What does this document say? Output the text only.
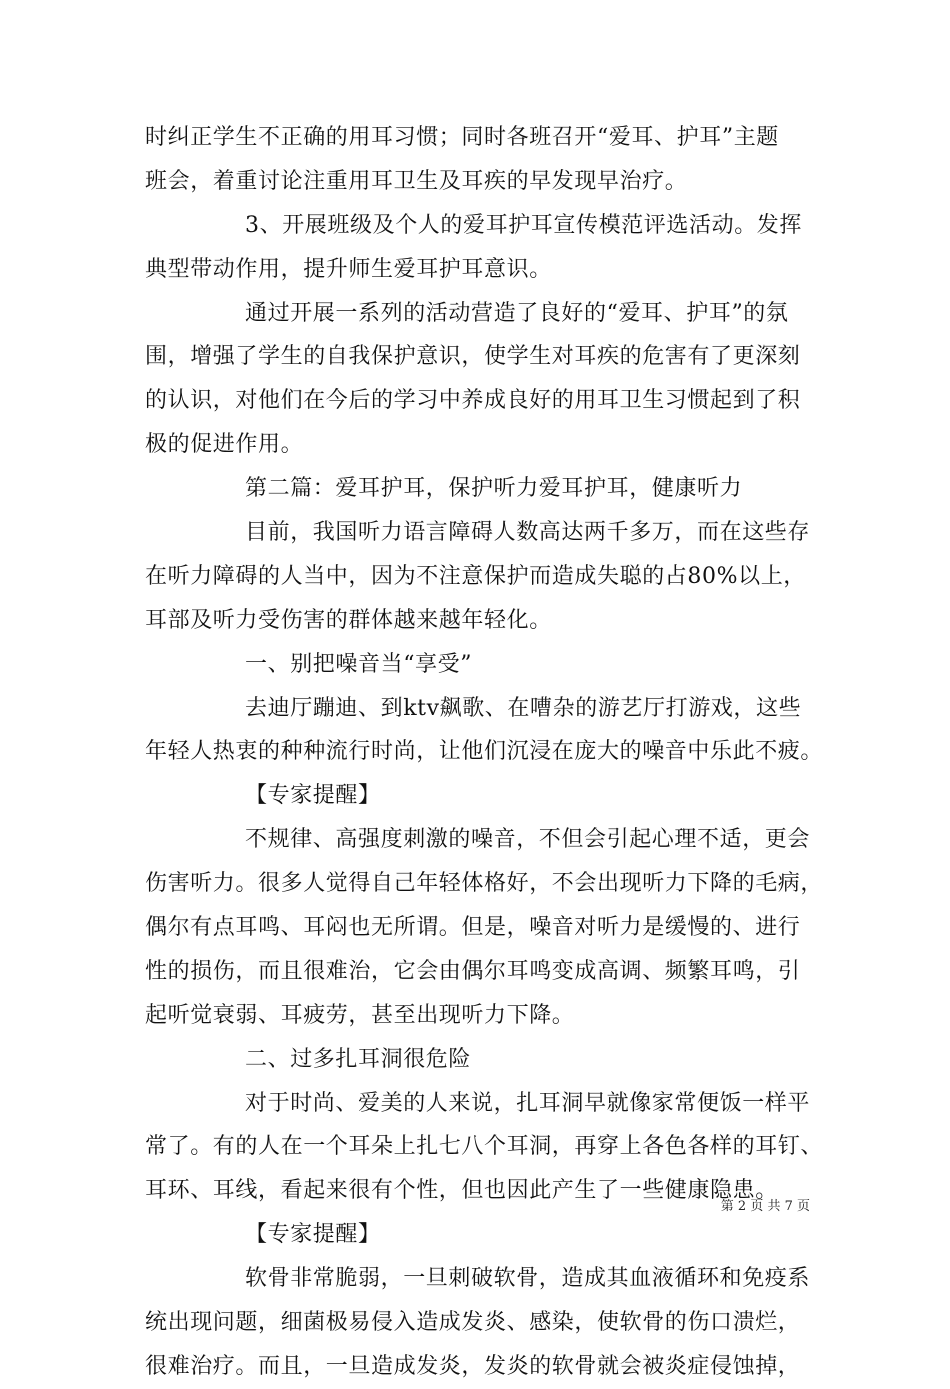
时纠正学生不正确的用耳习惯；同时各班召开“爱耳、护耳”主题
班会，着重讨论注重用耳卫生及耳疾的早发现早治疗。
3、开展班级及个人的爱耳护耳宣传模范评选活动。发挥
典型带动作用，提升师生爱耳护耳意识。
通过开展一系列的活动营造了良好的“爱耳、护耳”的氛
围，增强了学生的自我保护意识，使学生对耳疾的危害有了更深刻
的认识，对他们在今后的学习中养成良好的用耳卫生习惯起到了积
极的促进作用。
第二篇：爱耳护耳，保护听力爱耳护耳，健康听力
目前，我国听力语言障碍人数高达两千多万，而在这些存
在听力障碍的人当中，因为不注意保护而造成失聪的占80%以上，
耳部及听力受伤害的群体越来越年轻化。
一、别把噪音当“享受”
去迪厅蹦迪、到ktv飙歌、在嘈杂的游艺厅打游戏，这些
年轻人热衷的种种流行时尚，让他们沉浸在庞大的噪音中乐此不疲。
【专家提醒】
不规律、高强度刺激的噪音，不但会引起心理不适，更会
伤害听力。很多人觉得自己年轻体格好，不会出现听力下降的毛病，
偶尔有点耳鸣、耳闷也无所谓。但是，噪音对听力是缓慢的、进行
性的损伤，而且很难治，它会由偶尔耳鸣变成高调、频繁耳鸣，引
起听觉衰弱、耳疲劳，甚至出现听力下降。
二、过多扎耳洞很危险
对于时尚、爱美的人来说，扎耳洞早就像家常便饭一样平
常了。有的人在一个耳朵上扎七八个耳洞，再穿上各色各样的耳钉、
耳环、耳线，看起来很有个性，但也因此产生了一些健康隐患。
【专家提醒】
软骨非常脆弱，一旦刺破软骨，造成其血液循环和免疫系
统出现问题，细菌极易侵入造成发炎、感染，使软骨的伤口溃烂，
很难治疗。而且，一旦造成发炎，发炎的软骨就会被炎症侵蚀掉，
第 2 页 共 7 页
